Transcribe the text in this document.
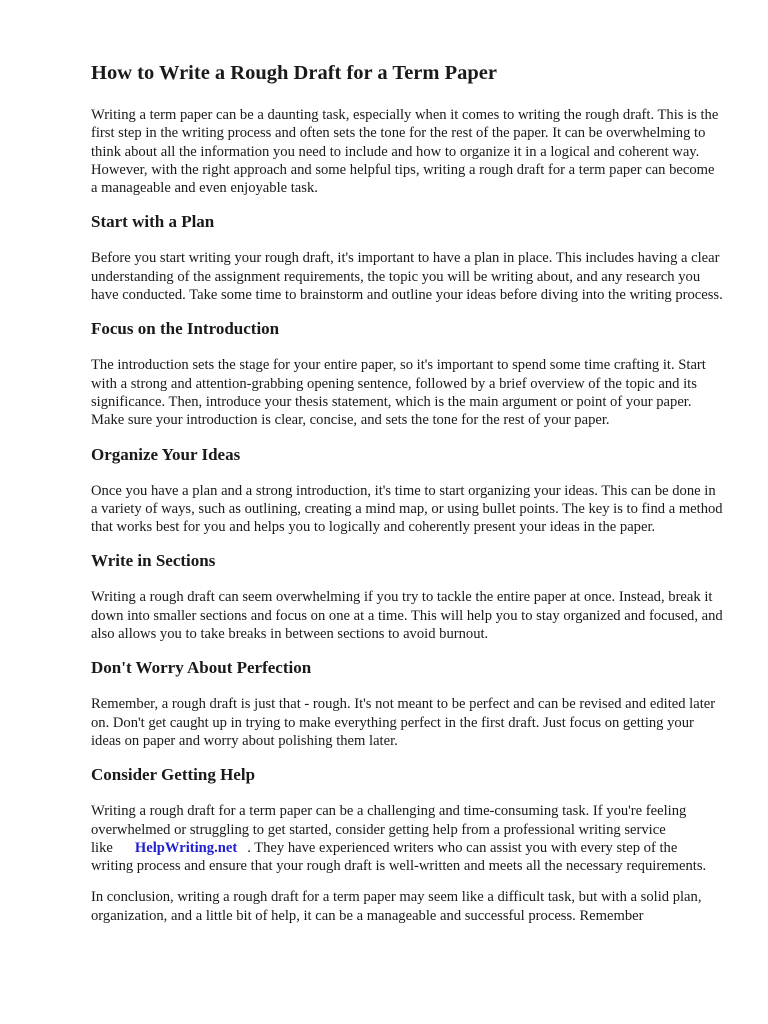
How to Write a Rough Draft for a Term Paper

Writing a term paper can be a daunting task, especially when it comes to writing the rough draft. This is the first step in the writing process and often sets the tone for the rest of the paper. It can be overwhelming to think about all the information you need to include and how to organize it in a logical and coherent way. However, with the right approach and some helpful tips, writing a rough draft for a term paper can become a manageable and even enjoyable task.

Start with a Plan

Before you start writing your rough draft, it's important to have a plan in place. This includes having a clear understanding of the assignment requirements, the topic you will be writing about, and any research you have conducted. Take some time to brainstorm and outline your ideas before diving into the writing process.

Focus on the Introduction

The introduction sets the stage for your entire paper, so it's important to spend some time crafting it. Start with a strong and attention-grabbing opening sentence, followed by a brief overview of the topic and its significance. Then, introduce your thesis statement, which is the main argument or point of your paper. Make sure your introduction is clear, concise, and sets the tone for the rest of your paper.

Organize Your Ideas

Once you have a plan and a strong introduction, it's time to start organizing your ideas. This can be done in a variety of ways, such as outlining, creating a mind map, or using bullet points. The key is to find a method that works best for you and helps you to logically and coherently present your ideas in the paper.

Write in Sections

Writing a rough draft can seem overwhelming if you try to tackle the entire paper at once. Instead, break it down into smaller sections and focus on one at a time. This will help you to stay organized and focused, and also allows you to take breaks in between sections to avoid burnout.

Don't Worry About Perfection

Remember, a rough draft is just that - rough. It's not meant to be perfect and can be revised and edited later on. Don't get caught up in trying to make everything perfect in the first draft. Just focus on getting your ideas on paper and worry about polishing them later.

Consider Getting Help

Writing a rough draft for a term paper can be a challenging and time-consuming task. If you're feeling overwhelmed or struggling to get started, consider getting help from a professional writing service like HelpWriting.net . They have experienced writers who can assist you with every step of the writing process and ensure that your rough draft is well-written and meets all the necessary requirements.

In conclusion, writing a rough draft for a term paper may seem like a difficult task, but with a solid plan, organization, and a little bit of help, it can be a manageable and successful process. Remember
